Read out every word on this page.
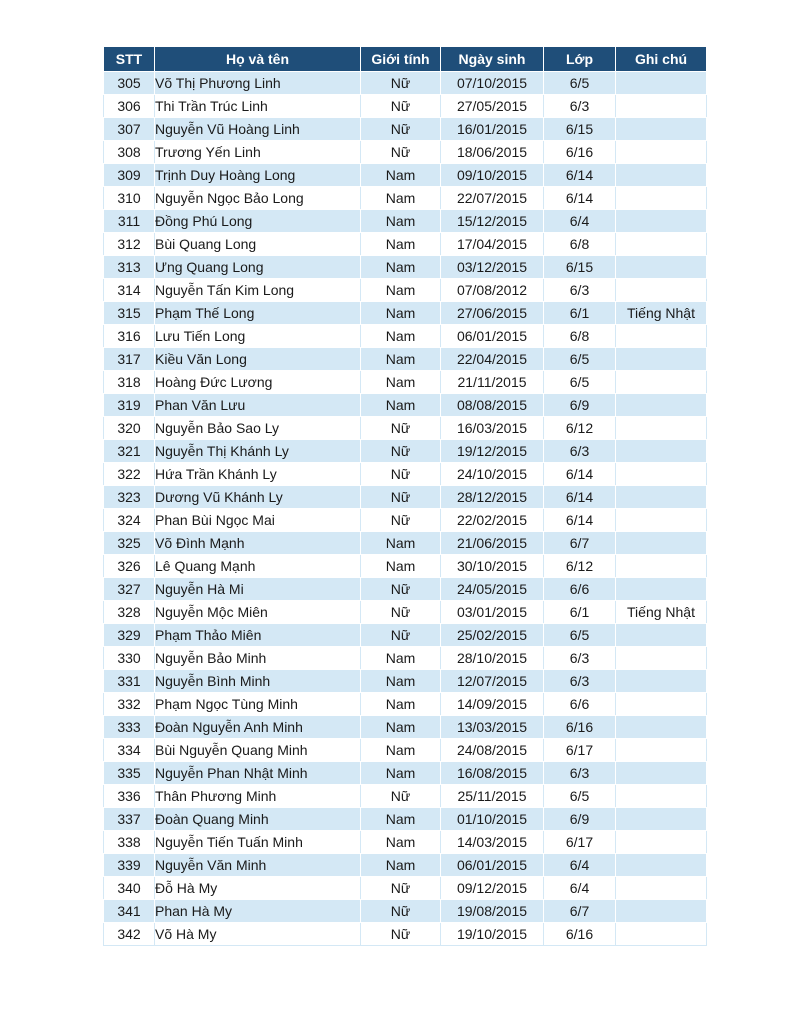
STT	Họ và tên	Giới tính	Ngày sinh	Lớp	Ghi chú
305	Võ Thị Phương Linh	Nữ	07/10/2015	6/5	
306	Thi Trần Trúc Linh	Nữ	27/05/2015	6/3	
307	Nguyễn Vũ Hoàng Linh	Nữ	16/01/2015	6/15	
308	Trương Yến Linh	Nữ	18/06/2015	6/16	
309	Trịnh Duy Hoàng Long	Nam	09/10/2015	6/14	
310	Nguyễn Ngọc Bảo Long	Nam	22/07/2015	6/14	
311	Đồng Phú Long	Nam	15/12/2015	6/4	
312	Bùi Quang Long	Nam	17/04/2015	6/8	
313	Ưng Quang Long	Nam	03/12/2015	6/15	
314	Nguyễn Tấn Kim Long	Nam	07/08/2012	6/3	
315	Phạm Thế Long	Nam	27/06/2015	6/1	Tiếng Nhật
316	Lưu Tiến Long	Nam	06/01/2015	6/8	
317	Kiều Văn Long	Nam	22/04/2015	6/5	
318	Hoàng Đức Lương	Nam	21/11/2015	6/5	
319	Phan Văn Lưu	Nam	08/08/2015	6/9	
320	Nguyễn Bảo Sao Ly	Nữ	16/03/2015	6/12	
321	Nguyễn Thị Khánh Ly	Nữ	19/12/2015	6/3	
322	Hứa Trần Khánh Ly	Nữ	24/10/2015	6/14	
323	Dương Vũ Khánh Ly	Nữ	28/12/2015	6/14	
324	Phan Bùi Ngọc Mai	Nữ	22/02/2015	6/14	
325	Võ Đình Mạnh	Nam	21/06/2015	6/7	
326	Lê Quang Mạnh	Nam	30/10/2015	6/12	
327	Nguyễn Hà Mi	Nữ	24/05/2015	6/6	
328	Nguyễn Mộc Miên	Nữ	03/01/2015	6/1	Tiếng Nhật
329	Phạm Thảo Miên	Nữ	25/02/2015	6/5	
330	Nguyễn Bảo Minh	Nam	28/10/2015	6/3	
331	Nguyễn Bình Minh	Nam	12/07/2015	6/3	
332	Phạm Ngọc Tùng Minh	Nam	14/09/2015	6/6	
333	Đoàn Nguyễn Anh Minh	Nam	13/03/2015	6/16	
334	Bùi Nguyễn Quang Minh	Nam	24/08/2015	6/17	
335	Nguyễn Phan Nhật Minh	Nam	16/08/2015	6/3	
336	Thân Phương Minh	Nữ	25/11/2015	6/5	
337	Đoàn Quang Minh	Nam	01/10/2015	6/9	
338	Nguyễn Tiến Tuấn Minh	Nam	14/03/2015	6/17	
339	Nguyễn Văn Minh	Nam	06/01/2015	6/4	
340	Đỗ Hà My	Nữ	09/12/2015	6/4	
341	Phan Hà My	Nữ	19/08/2015	6/7	
342	Võ Hà My	Nữ	19/10/2015	6/16	
